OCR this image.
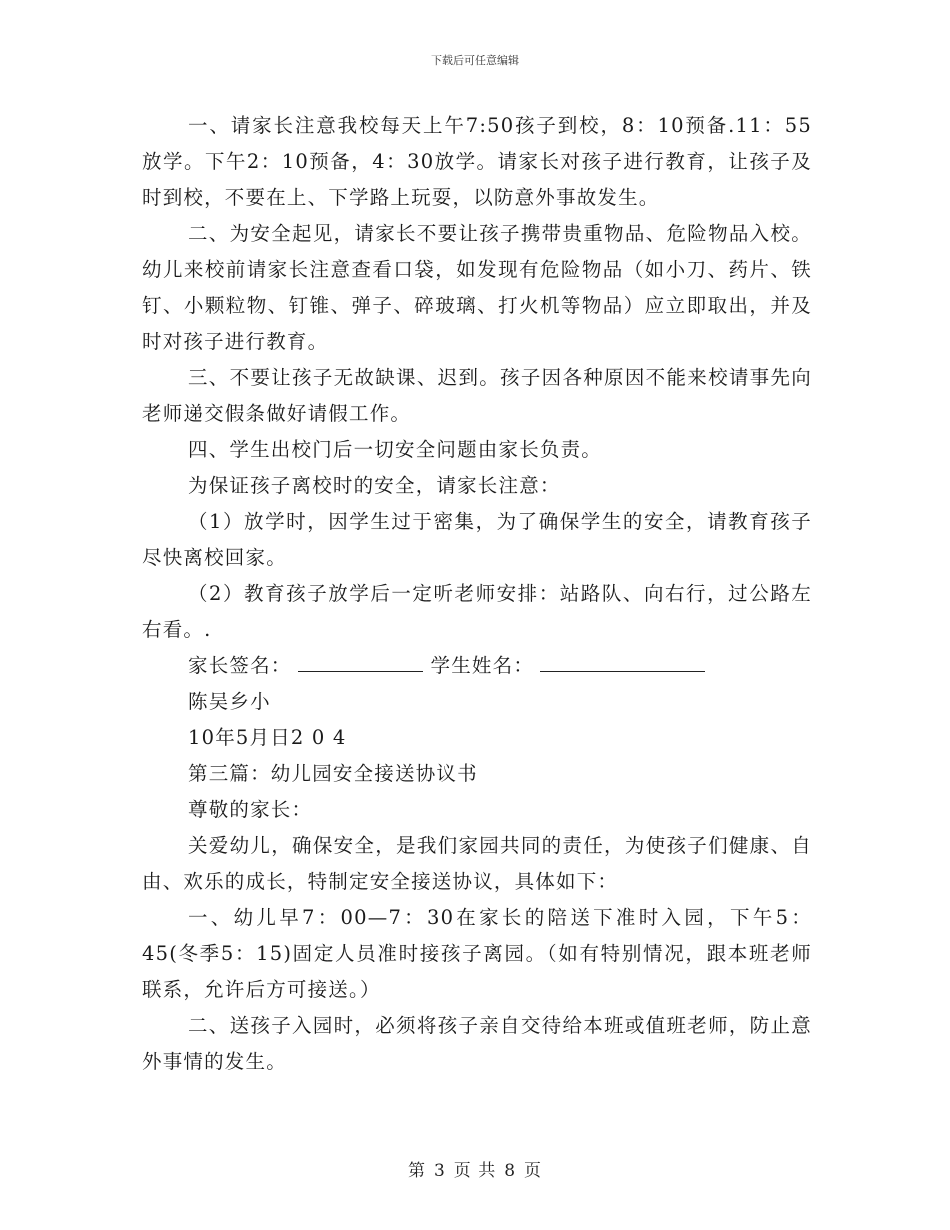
下载后可任意编辑

一、请家长注意我校每天上午7:50孩子到校，8：10预备.11：55放学。下午2：10预备，4：30放学。请家长对孩子进行教育，让孩子及时到校，不要在上、下学路上玩耍，以防意外事故发生。

二、为安全起见，请家长不要让孩子携带贵重物品、危险物品入校。幼儿来校前请家长注意查看口袋，如发现有危险物品（如小刀、药片、铁钉、小颗粒物、钉锥、弹子、碎玻璃、打火机等物品）应立即取出，并及时对孩子进行教育。

三、不要让孩子无故缺课、迟到。孩子因各种原因不能来校请事先向老师递交假条做好请假工作。

四、学生出校门后一切安全问题由家长负责。

为保证孩子离校时的安全，请家长注意：

（1）放学时，因学生过于密集，为了确保学生的安全，请教育孩子尽快离校回家。

（2）教育孩子放学后一定听老师安排：站路队、向右行，过公路左右看。.

家长签名：	学生姓名：

陈吴乡小

10年5月日2 0 4

第三篇：幼儿园安全接送协议书

尊敬的家长：

关爱幼儿，确保安全，是我们家园共同的责任，为使孩子们健康、自由、欢乐的成长，特制定安全接送协议，具体如下：

一、幼儿早7：00—7：30在家长的陪送下准时入园，下午5：45(冬季5：15)固定人员准时接孩子离园。（如有特别情况，跟本班老师联系，允许后方可接送。）

二、送孩子入园时，必须将孩子亲自交待给本班或值班老师，防止意外事情的发生。

第 3 页 共 8 页
